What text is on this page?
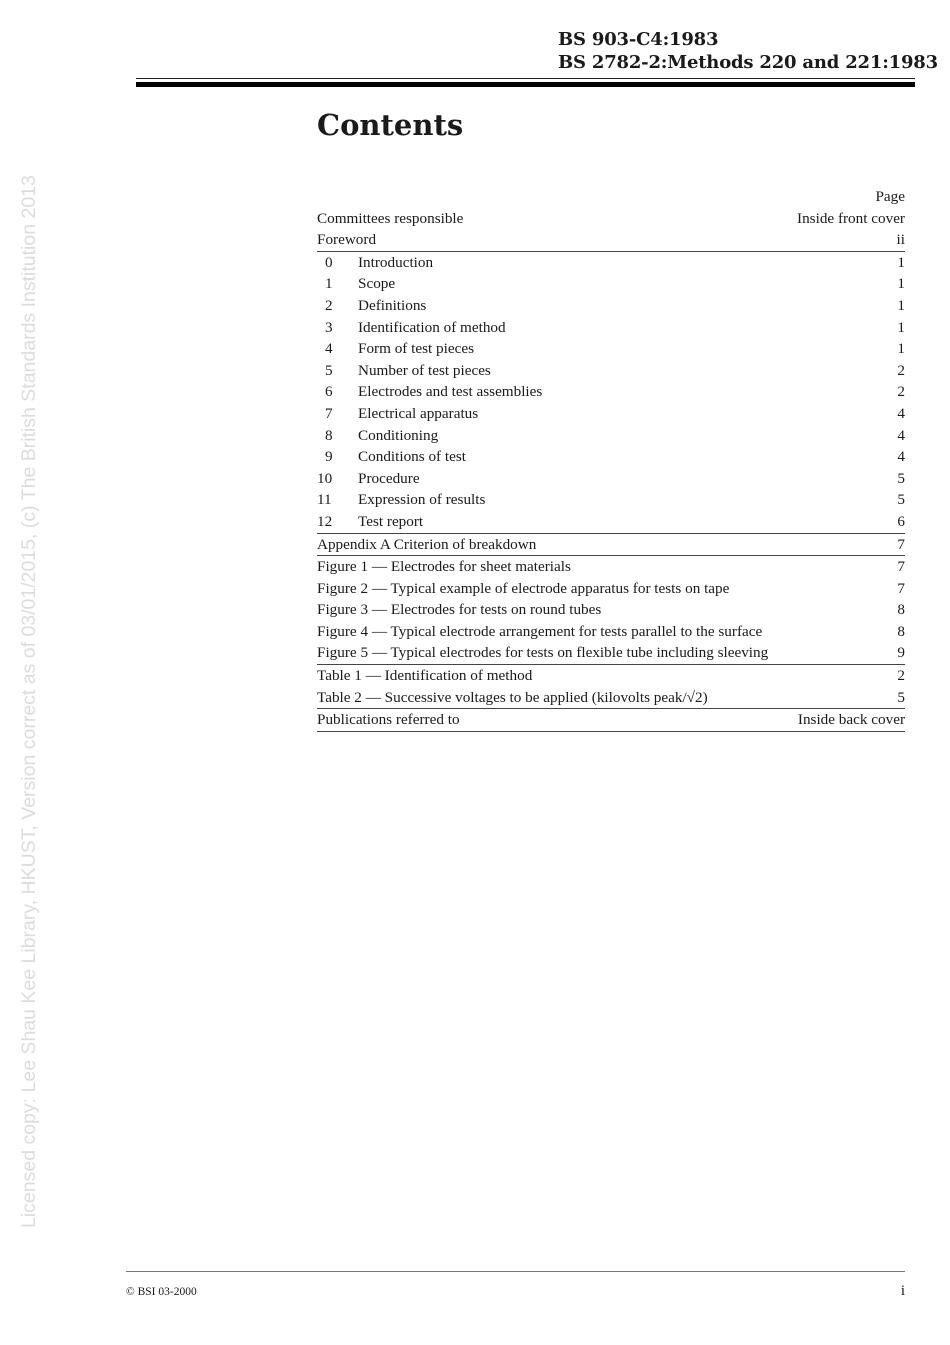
BS 903-C4:1983
BS 2782-2:Methods 220 and 221:1983
Contents
Page
Committees responsible	Inside front cover
Foreword	ii
0 Introduction	1
1 Scope	1
2 Definitions	1
3 Identification of method	1
4 Form of test pieces	1
5 Number of test pieces	2
6 Electrodes and test assemblies	2
7 Electrical apparatus	4
8 Conditioning	4
9 Conditions of test	4
10 Procedure	5
11 Expression of results	5
12 Test report	6
Appendix A Criterion of breakdown	7
Figure 1 — Electrodes for sheet materials	7
Figure 2 — Typical example of electrode apparatus for tests on tape	7
Figure 3 — Electrodes for tests on round tubes	8
Figure 4 — Typical electrode arrangement for tests parallel to the surface	8
Figure 5 — Typical electrodes for tests on flexible tube including sleeving	9
Table 1 — Identification of method	2
Table 2 — Successive voltages to be applied (kilovolts peak/√2)	5
Publications referred to	Inside back cover
Licensed copy: Lee Shau Kee Library, HKUST, Version correct as of 03/01/2015, (c) The British Standards Institution 2013
© BSI 03-2000	i
